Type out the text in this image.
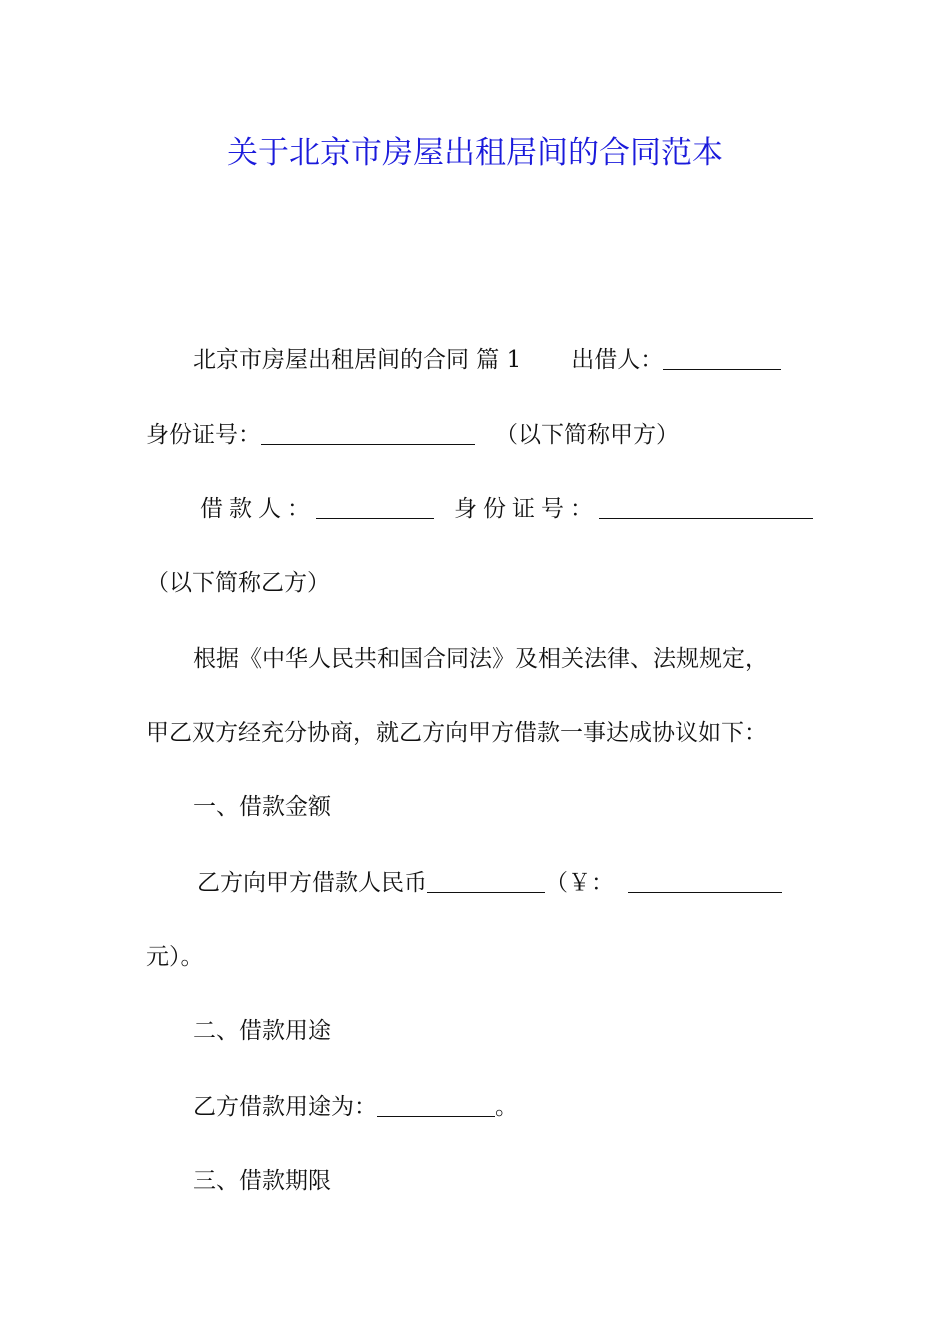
关于北京市房屋出租居间的合同范本
北京市房屋出租居间的合同 篇 1 出借人：
身份证号：	（以下简称甲方）
借款人：	身份证号：
（以下简称乙方）
根据《中华人民共和国合同法》及相关法律、法规规定，
甲乙双方经充分协商，就乙方向甲方借款一事达成协议如下：
一、借款金额
乙方向甲方借款人民币	（￥：
元）。
二、借款用途
乙方借款用途为：	。
三、借款期限
